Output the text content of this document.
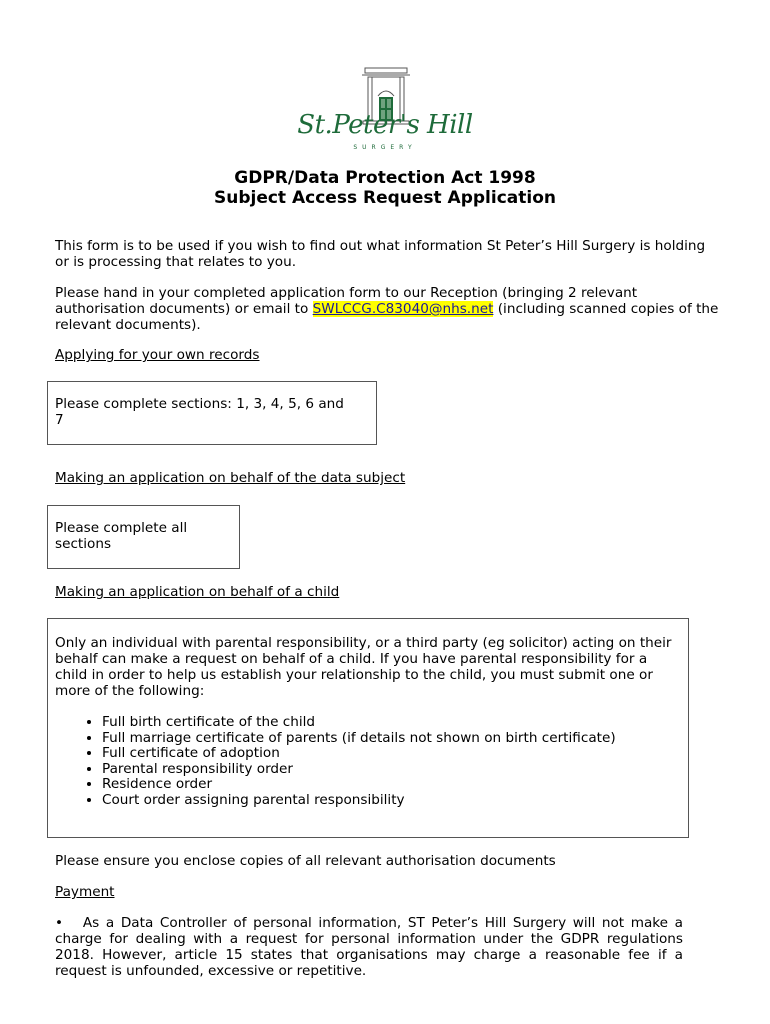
St.Peter's Hill
SURGERY
GDPR/Data Protection Act 1998
Subject Access Request Application
This form is to be used if you wish to find out what information St Peter’s Hill Surgery is holding or is processing that relates to you.
Please hand in your completed application form to our Reception (bringing 2 relevant authorisation documents) or email to SWLCCG.C83040@nhs.net (including scanned copies of the relevant documents).
Applying for your own records
Please complete sections: 1, 3, 4, 5, 6 and 7
Making an application on behalf of the data subject
Please complete all sections
Making an application on behalf of a child
Only an individual with parental responsibility, or a third party (eg solicitor) acting on their behalf can make a request on behalf of a child. If you have parental responsibility for a child in order to help us establish your relationship to the child, you must submit one or more of the following:
• Full birth certificate of the child
• Full marriage certificate of parents (if details not shown on birth certificate)
• Full certificate of adoption
• Parental responsibility order
• Residence order
• Court order assigning parental responsibility
Please ensure you enclose copies of all relevant authorisation documents
Payment
•   As a Data Controller of personal information, ST Peter’s Hill Surgery will not make a charge for dealing with a request for personal information under the GDPR regulations 2018. However, article 15 states that organisations may charge a reasonable fee if a request is unfounded, excessive or repetitive.
